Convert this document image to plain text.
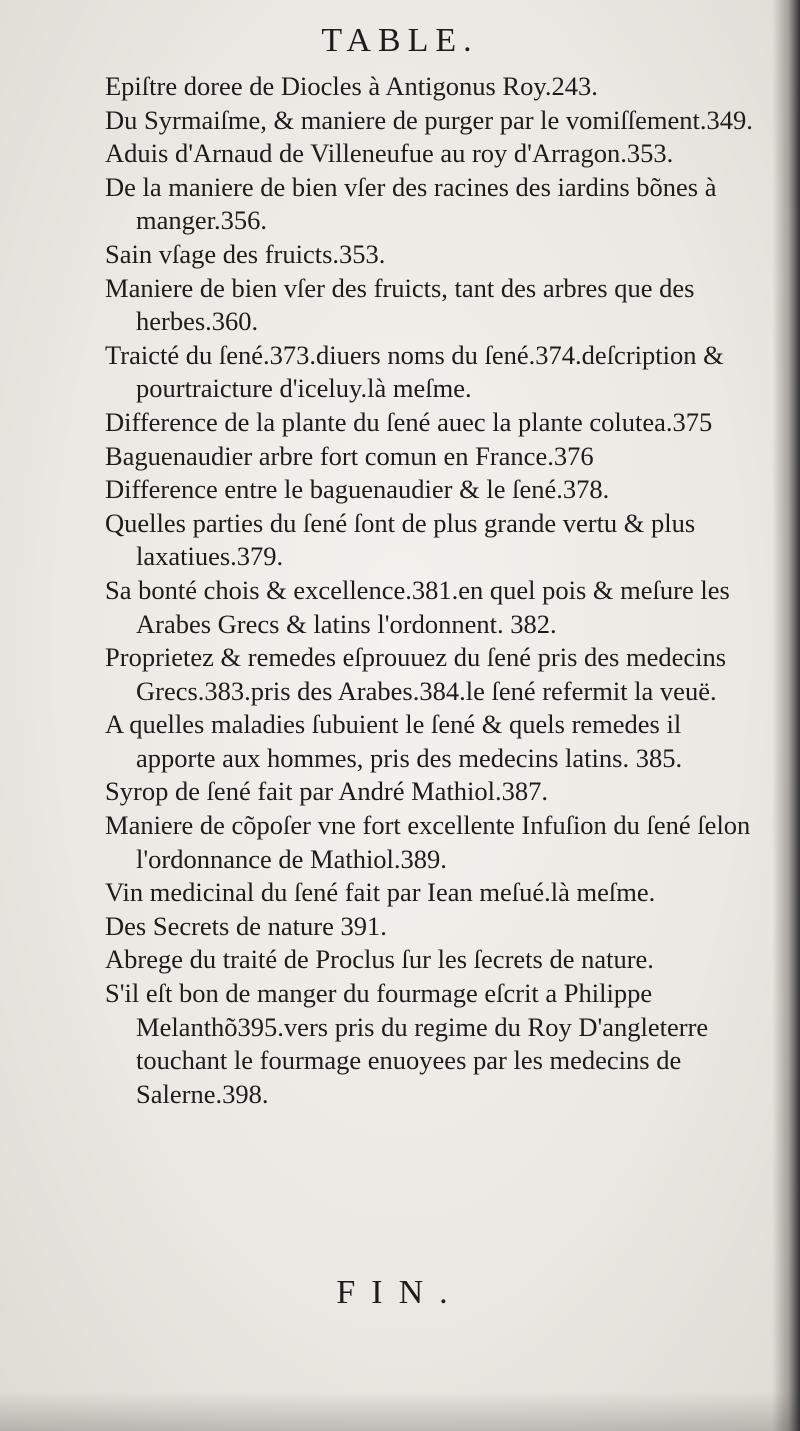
TABLE.
Epiſtre doree de Diocles à Antigonus Roy.243.
Du Syrmaiſme, & maniere de purger par le vomiſſement.349.
Aduis d'Arnaud de Villeneufue au roy d'Arragon.353.
De la maniere de bien vſer des racines des iardins bõnes à manger.356.
Sain vſage des fruicts.353.
Maniere de bien vſer des fruicts, tant des arbres que des herbes.360.
Traicté du ſené.373.diuers noms du ſené.374.deſcription & pourtraicture d'iceluy.là meſme.
Difference de la plante du ſené auec la plante colutea.375
Baguenaudier arbre fort comun en France.376
Difference entre le baguenaudier & le ſené.378.
Quelles parties du ſené ſont de plus grande vertu & plus laxatiues.379.
Sa bonté chois & excellence.381.en quel pois & meſure les Arabes Grecs & latins l'ordonnent. 382.
Proprietez & remedes eſprouuez du ſené pris des medecins Grecs.383.pris des Arabes.384.le ſené refermit la veuë.
A quelles maladies ſubuient le ſené & quels remedes il apporte aux hommes, pris des medecins latins. 385.
Syrop de ſené fait par André Mathiol.387.
Maniere de cõpoſer vne fort excellente Infuſion du ſené ſelon l'ordonnance de Mathiol.389.
Vin medicinal du ſené fait par Iean meſué.là meſme.
Des Secrets de nature 391.
Abrege du traité de Proclus ſur les ſecrets de nature.
S'il eſt bon de manger du fourmage eſcrit a Philippe Melanthõ395.vers pris du regime du Roy D'angleterre touchant le fourmage enuoyees par les medecins de Salerne.398.
FIN.
